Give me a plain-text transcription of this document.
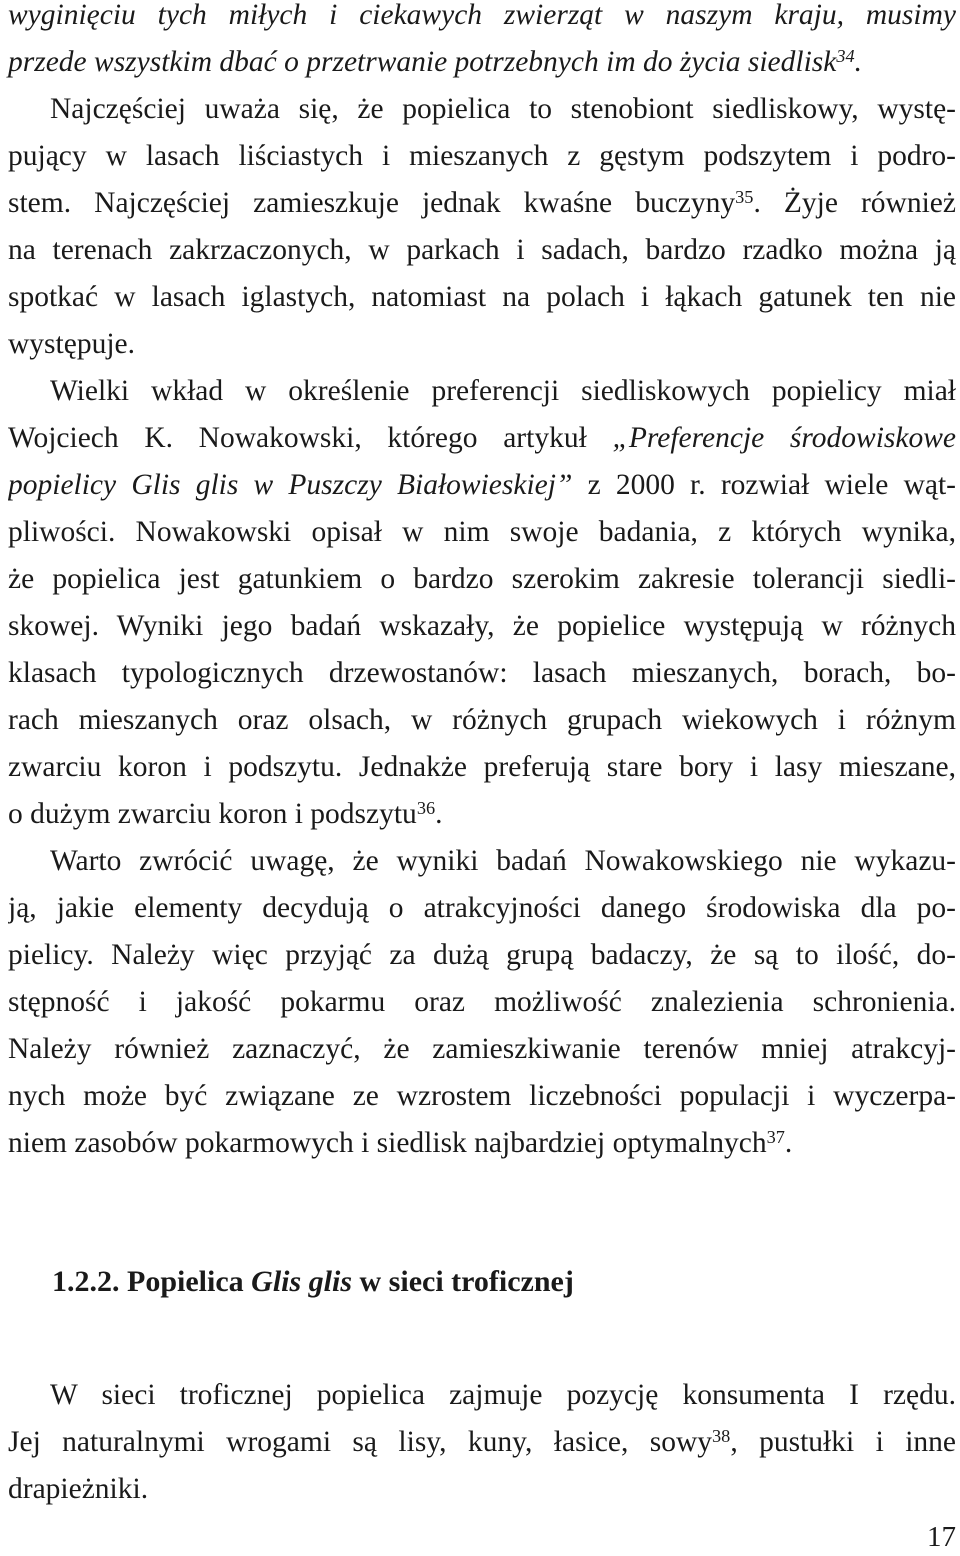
wyginięciu tych miłych i ciekawych zwierząt w naszym kraju, musimy
przede wszystkim dbać o przetrwanie potrzebnych im do życia siedlisk$^{34}$.
Najczęściej uważa się, że popielica to stenobiont siedliskowy, wystę-
pujący w lasach liściastych i mieszanych z gęstym podszytem i podro-
stem. Najczęściej zamieszkuje jednak kwaśne buczyny$^{35}$. Żyje również
na terenach zakrzaczonych, w parkach i sadach, bardzo rzadko można ją
spotkać w lasach iglastych, natomiast na polach i łąkach gatunek ten nie
występuje.
Wielki wkład w określenie preferencji siedliskowych popielicy miał
Wojciech K. Nowakowski, którego artykuł „Preferencje środowiskowe
popielicy Glis glis w Puszczy Białowieskiej” z 2000 r. rozwiał wiele wąt-
pliwości. Nowakowski opisał w nim swoje badania, z których wynika,
że popielica jest gatunkiem o bardzo szerokim zakresie tolerancji siedli-
skowej. Wyniki jego badań wskazały, że popielice występują w różnych
klasach typologicznych drzewostanów: lasach mieszanych, borach, bo-
rach mieszanych oraz olsach, w różnych grupach wiekowych i różnym
zwarciu koron i podszytu. Jednakże preferują stare bory i lasy mieszane,
o dużym zwarciu koron i podszytu$^{36}$.
Warto zwrócić uwagę, że wyniki badań Nowakowskiego nie wykazu-
ją, jakie elementy decydują o atrakcyjności danego środowiska dla po-
pielicy. Należy więc przyjąć za dużą grupą badaczy, że są to ilość, do-
stępność i jakość pokarmu oraz możliwość znalezienia schronienia.
Należy również zaznaczyć, że zamieszkiwanie terenów mniej atrakcyj-
nych może być związane ze wzrostem liczebności populacji i wyczerpa-
niem zasobów pokarmowych i siedlisk najbardziej optymalnych$^{37}$.
1.2.2. Popielica Glis glis w sieci troficznej
W sieci troficznej popielica zajmuje pozycję konsumenta I rzędu.
Jej naturalnymi wrogami są lisy, kuny, łasice, sowy$^{38}$, pustułki i inne
drapieżniki.
17
